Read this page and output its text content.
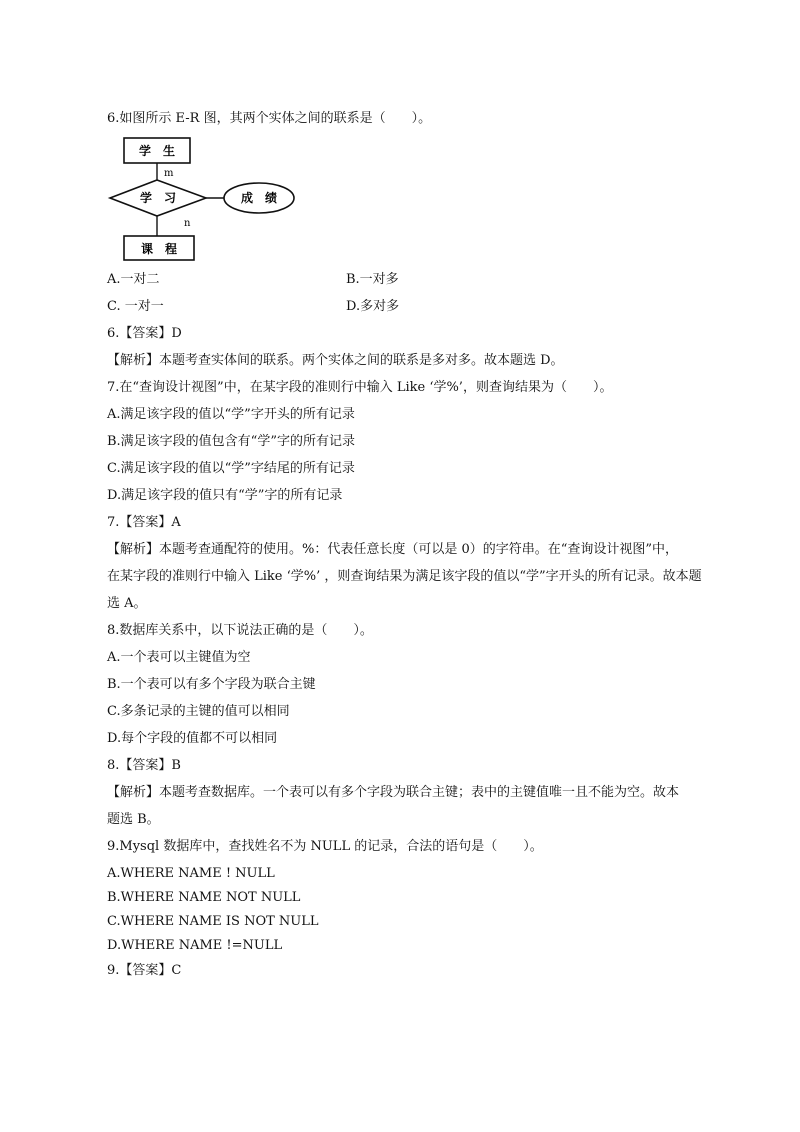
6.如图所示 E-R 图，其两个实体之间的联系是（　　）。
学　生
m
学　习	成　绩
n
课　程
A.一对二	B.一对多
C. 一对一	D.多对多
6.【答案】D
【解析】本题考查实体间的联系。两个实体之间的联系是多对多。故本题选 D。
7.在“查询设计视图”中，在某字段的准则行中输入 Like ‘学%’，则查询结果为（　　）。
A.满足该字段的值以“学”字开头的所有记录
B.满足该字段的值包含有“学”字的所有记录
C.满足该字段的值以“学”字结尾的所有记录
D.满足该字段的值只有“学”字的所有记录
7.【答案】A
【解析】本题考查通配符的使用。%：代表任意长度（可以是 0）的字符串。在“查询设计视图”中，
在某字段的准则行中输入 Like ‘学%’ ，则查询结果为满足该字段的值以“学”字开头的所有记录。故本题
选 A。
8.数据库关系中，以下说法正确的是（　　）。
A.一个表可以主键值为空
B.一个表可以有多个字段为联合主键
C.多条记录的主键的值可以相同
D.每个字段的值都不可以相同
8.【答案】B
【解析】本题考查数据库。一个表可以有多个字段为联合主键；表中的主键值唯一且不能为空。故本
题选 B。
9.Mysql 数据库中，查找姓名不为 NULL 的记录，合法的语句是（　　）。
A.WHERE NAME ! NULL
B.WHERE NAME NOT NULL
C.WHERE NAME IS NOT NULL
D.WHERE NAME !=NULL
9.【答案】C
